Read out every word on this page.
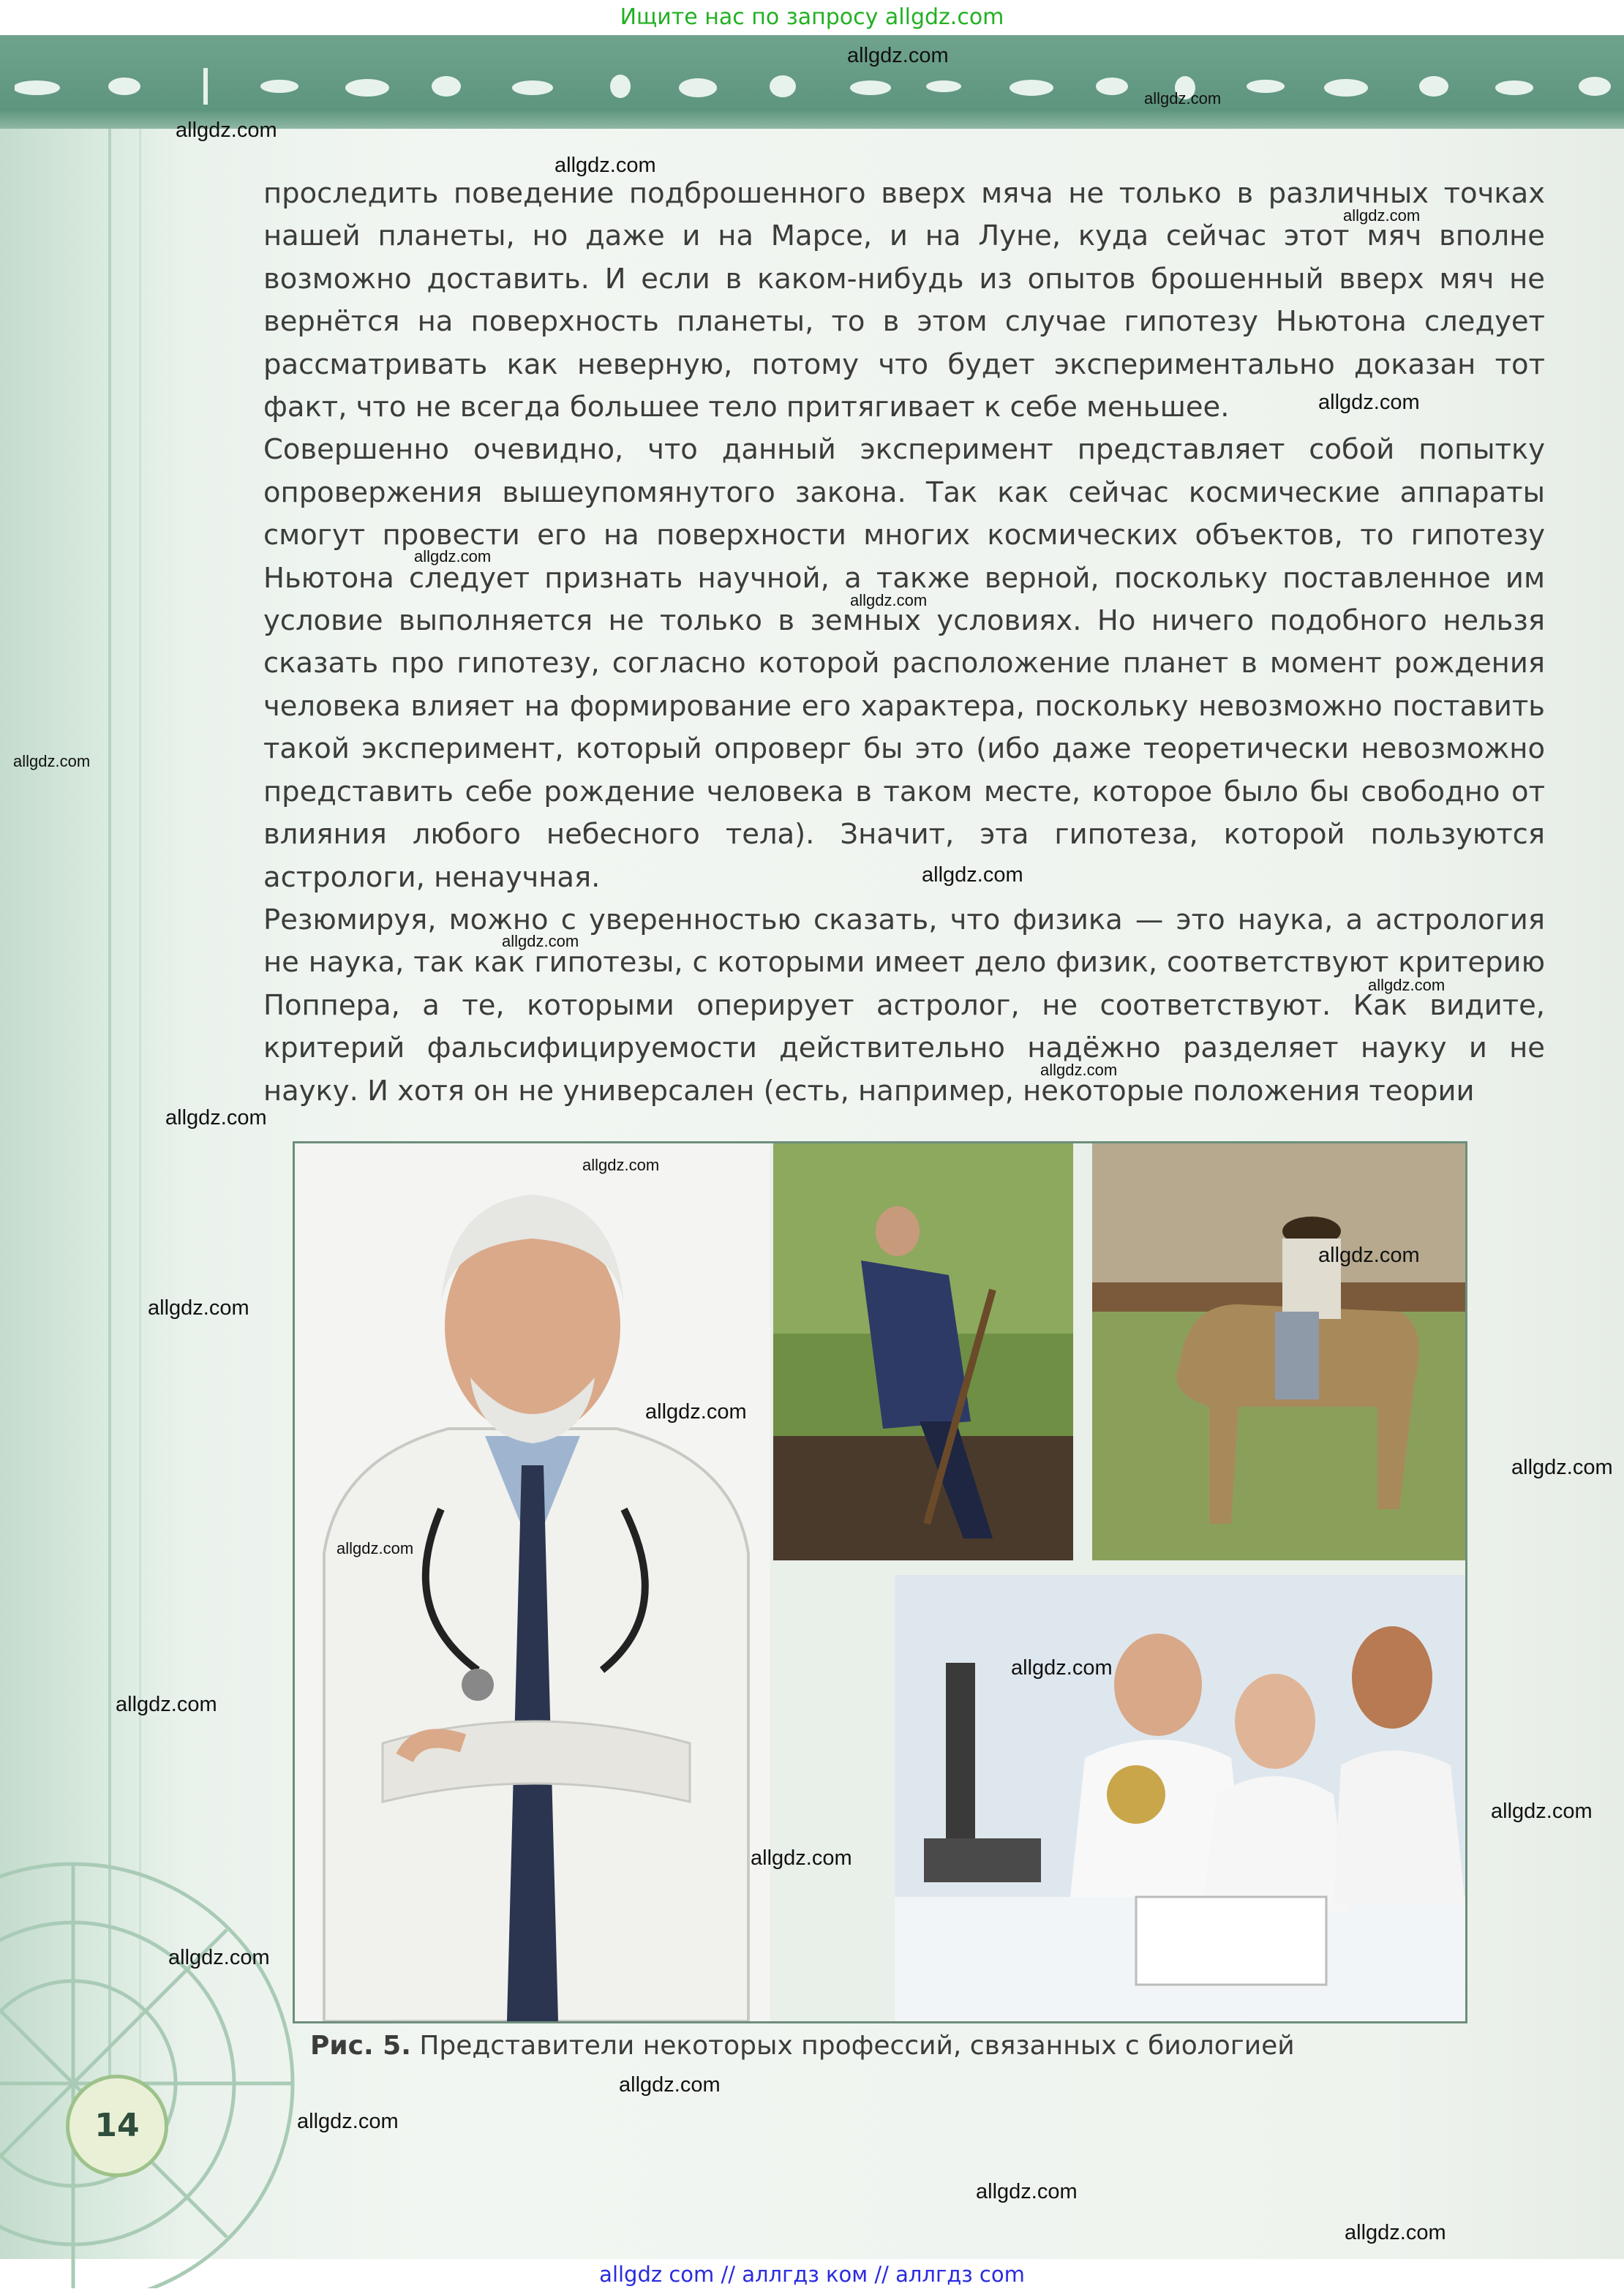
Ищите нас по запросу allgdz.com

проследить поведение подброшенного вверх мяча не только в различных точках нашей планеты, но даже и на Марсе, и на Луне, куда сейчас этот мяч вполне возможно доставить. И если в каком-нибудь из опытов брошенный вверх мяч не вернётся на поверхность планеты, то в этом случае гипотезу Ньютона следует рассматривать как неверную, потому что будет экспериментально доказан тот факт, что не всегда большее тело притягивает к себе меньшее.

Совершенно очевидно, что данный эксперимент представляет собой попытку опровержения вышеупомянутого закона. Так как сейчас космические аппараты смогут провести его на поверхности многих космических объектов, то гипотезу Ньютона следует признать научной, а также верной, поскольку поставленное им условие выполняется не только в земных условиях. Но ничего подобного нельзя сказать про гипотезу, согласно которой расположение планет в момент рождения человека влияет на формирование его характера, поскольку невозможно поставить такой эксперимент, который опроверг бы это (ибо даже теоретически невозможно представить себе рождение человека в таком месте, которое было бы свободно от влияния любого небесного тела). Значит, эта гипотеза, которой пользуются астрологи, ненаучная.

Резюмируя, можно с уверенностью сказать, что физика — это наука, а астрология не наука, так как гипотезы, с которыми имеет дело физик, соответствуют критерию Поппера, а те, которыми оперирует астролог, не соответствуют. Как видите, критерий фальсифицируемости действительно надёжно разделяет науку и не науку. И хотя он не универсален (есть, например, некоторые положения теории

Рис. 5. Представители некоторых профессий, связанных с биологией
14
allgdz.com
allgdz.com
allgdz.com
allgdz.com
allgdz.com
allgdz.com
allgdz.com
allgdz.com
allgdz.com
allgdz.com
allgdz.com
allgdz.com
allgdz.com
allgdz.com
allgdz.com
allgdz.com
allgdz.com
allgdz.com
allgdz.com
allgdz.com
allgdz.com
allgdz.com
allgdz.com
allgdz.com
allgdz.com
allgdz.com
allgdz.com
allgdz.com
allgdz.com
allgdz com // аллгдз ком // аллгдз com
